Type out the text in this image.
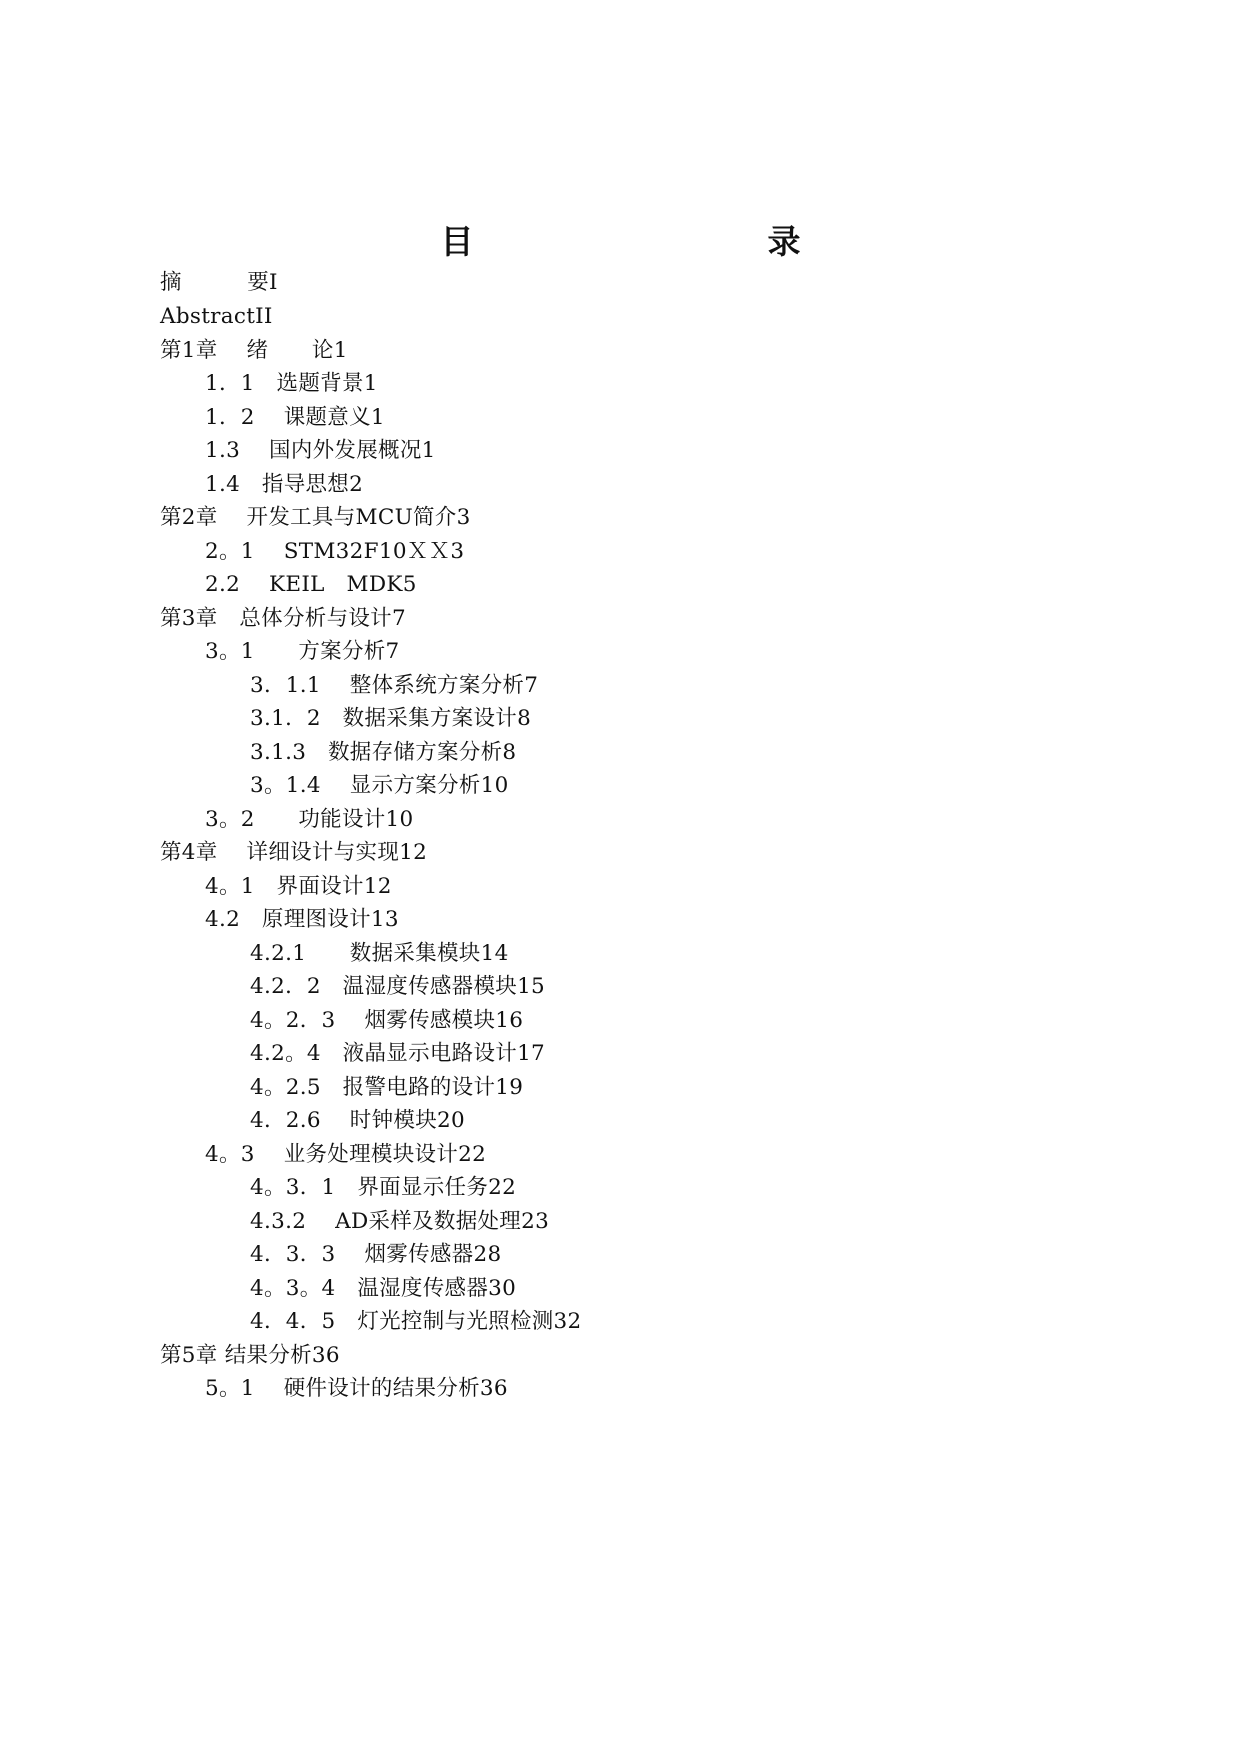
目　　录
摘　　　要Ⅰ
AbstractⅠⅠ
第1章　 绪　　论1
1．1　选题背景1
1．2　 课题意义1
1.3　 国内外发展概况1
1.4　指导思想2
第2章　 开发工具与MCU简介3
2。1　 STM32F10ＸＸ3
2.2　 KEIL　MDK5
第3章　总体分析与设计7
3。1　　方案分析7
3．1.1　 整体系统方案分析7
3.1．2　数据采集方案设计8
3.1.3　数据存储方案分析8
3。1.4　 显示方案分析10
3。2　　功能设计10
第4章　 详细设计与实现12
4。1　界面设计12
4.2　原理图设计13
4.2.1　　数据采集模块14
4.2．2　温湿度传感器模块15
4。2．3　 烟雾传感模块16
4.2。4　液晶显示电路设计17
4。2.5　报警电路的设计19
4．2.6　 时钟模块20
4。3　 业务处理模块设计22
4。3．1　界面显示任务22
4.3.2　 AD采样及数据处理23
4．3．3　 烟雾传感器28
4。3。4　温湿度传感器30
4．4．5　灯光控制与光照检测32
第5章 结果分析36
5。1　 硬件设计的结果分析36
